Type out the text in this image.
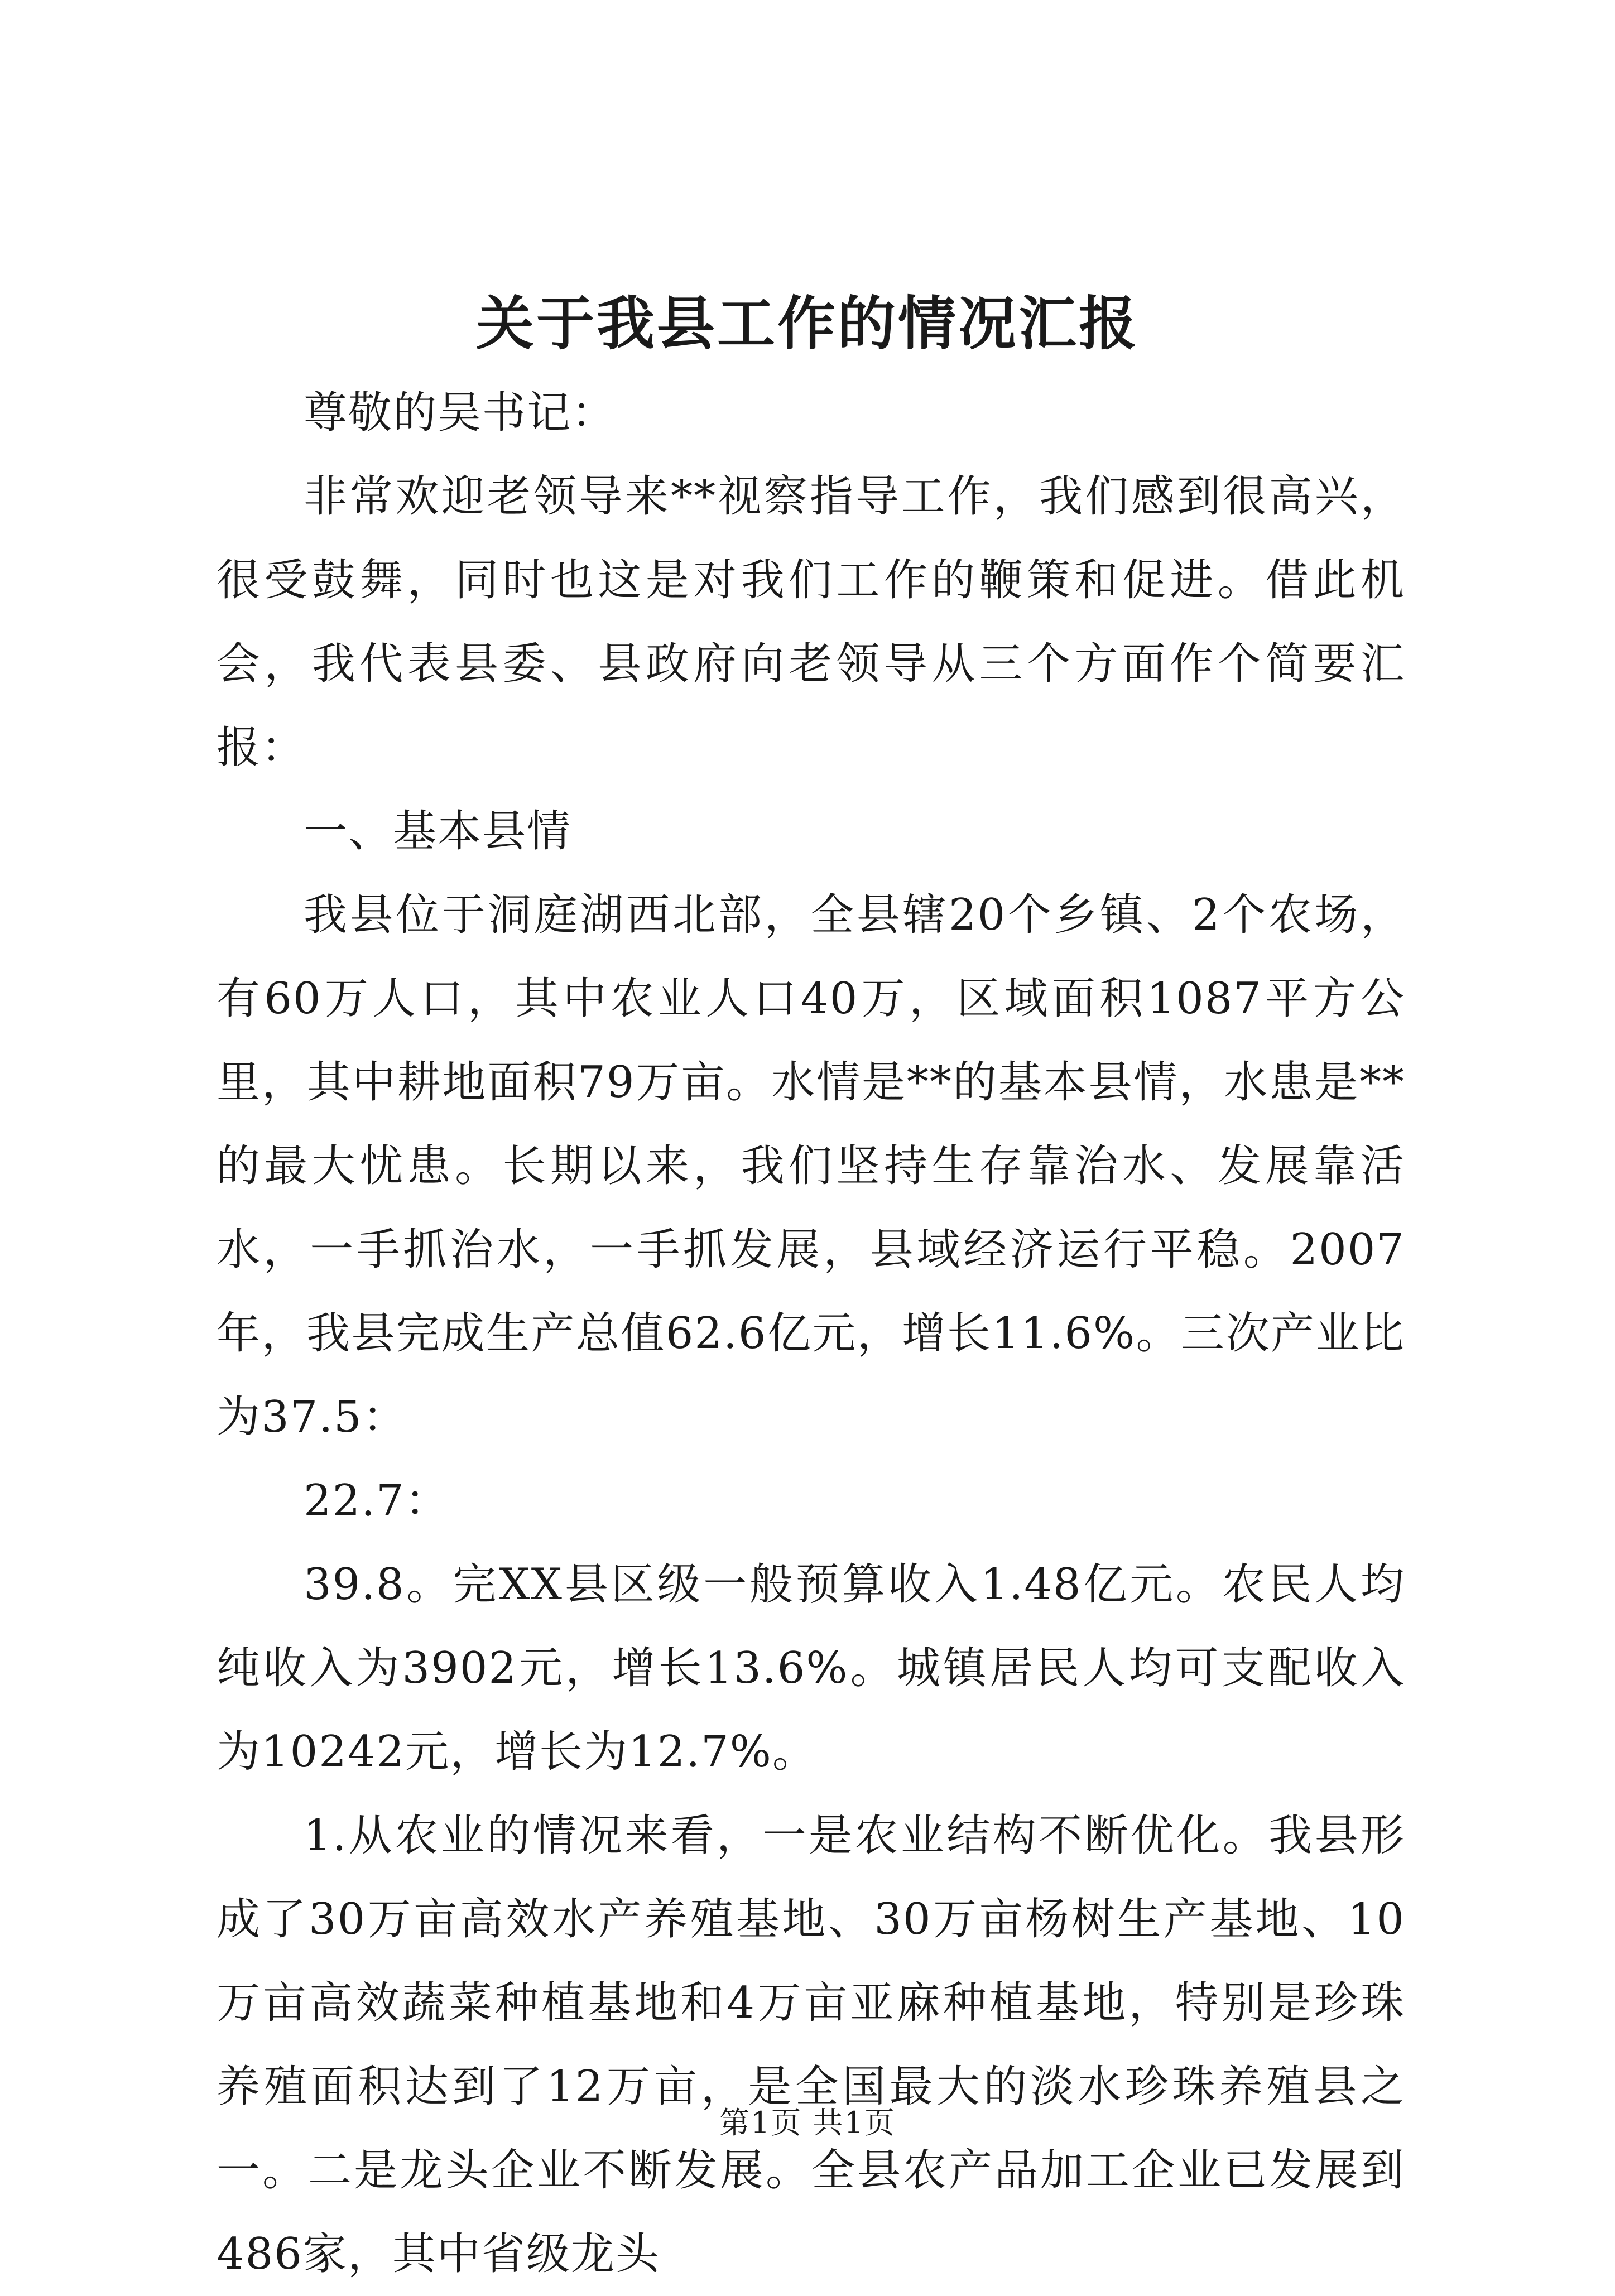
关于我县工作的情况汇报

尊敬的吴书记：

非常欢迎老领导来**视察指导工作，我们感到很高兴，很受鼓舞，同时也这是对我们工作的鞭策和促进。借此机会，我代表县委、县政府向老领导从三个方面作个简要汇报：

一、基本县情

我县位于洞庭湖西北部，全县辖20个乡镇、2个农场，有60万人口，其中农业人口40万，区域面积1087平方公里，其中耕地面积79万亩。水情是**的基本县情，水患是**的最大忧患。长期以来，我们坚持生存靠治水、发展靠活水，一手抓治水，一手抓发展，县域经济运行平稳。2007年，我县完成生产总值62.6亿元，增长11.6%。三次产业比为37.5：

22.7：

39.8。完XX县区级一般预算收入1.48亿元。农民人均纯收入为3902元，增长13.6%。城镇居民人均可支配收入为10242元，增长为12.7%。

1.从农业的情况来看，一是农业结构不断优化。我县形成了30万亩高效水产养殖基地、30万亩杨树生产基地、10万亩高效蔬菜种植基地和4万亩亚麻种植基地，特别是珍珠养殖面积达到了12万亩，是全国最大的淡水珍珠养殖县之一。二是龙头企业不断发展。全县农产品加工企业已发展到486家，其中省级龙头

第1页 共1页
